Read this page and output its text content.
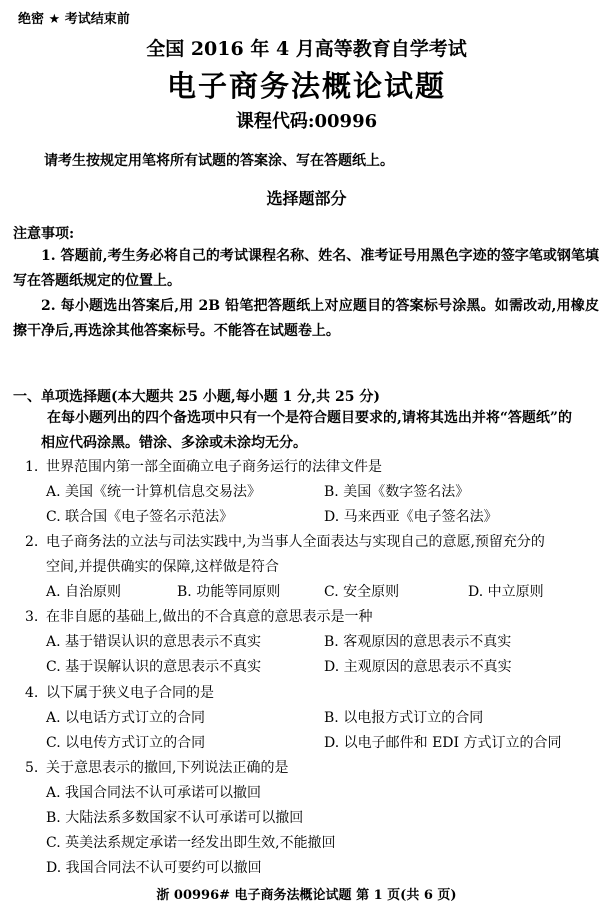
绝密 ★ 考试结束前
全国 2016 年 4 月高等教育自学考试
电子商务法概论试题
课程代码:00996
请考生按规定用笔将所有试题的答案涂、写在答题纸上。
选择题部分
注意事项:
1. 答题前,考生务必将自己的考试课程名称、姓名、准考证号用黑色字迹的签字笔或钢笔填写在答题纸规定的位置上。
2. 每小题选出答案后,用 2B 铅笔把答题纸上对应题目的答案标号涂黑。如需改动,用橡皮擦干净后,再选涂其他答案标号。不能答在试题卷上。
一、单项选择题(本大题共 25 小题,每小题 1 分,共 25 分)
在每小题列出的四个备选项中只有一个是符合题目要求的,请将其选出并将“答题纸”的相应代码涂黑。错涂、多涂或未涂均无分。
1. 世界范围内第一部全面确立电子商务运行的法律文件是
A. 美国《统一计算机信息交易法》	B. 美国《数字签名法》
C. 联合国《电子签名示范法》	D. 马来西亚《电子签名法》
2. 电子商务法的立法与司法实践中,为当事人全面表达与实现自己的意愿,预留充分的
空间,并提供确实的保障,这样做是符合
A. 自治原则	B. 功能等同原则	C. 安全原则	D. 中立原则
3. 在非自愿的基础上,做出的不合真意的意思表示是一种
A. 基于错误认识的意思表示不真实	B. 客观原因的意思表示不真实
C. 基于误解认识的意思表示不真实	D. 主观原因的意思表示不真实
4. 以下属于狭义电子合同的是
A. 以电话方式订立的合同	B. 以电报方式订立的合同
C. 以电传方式订立的合同	D. 以电子邮件和 EDI 方式订立的合同
5. 关于意思表示的撤回,下列说法正确的是
A. 我国合同法不认可承诺可以撤回
B. 大陆法系多数国家不认可承诺可以撤回
C. 英美法系规定承诺一经发出即生效,不能撤回
D. 我国合同法不认可要约可以撤回
浙 00996# 电子商务法概论试题 第 1 页(共 6 页)
